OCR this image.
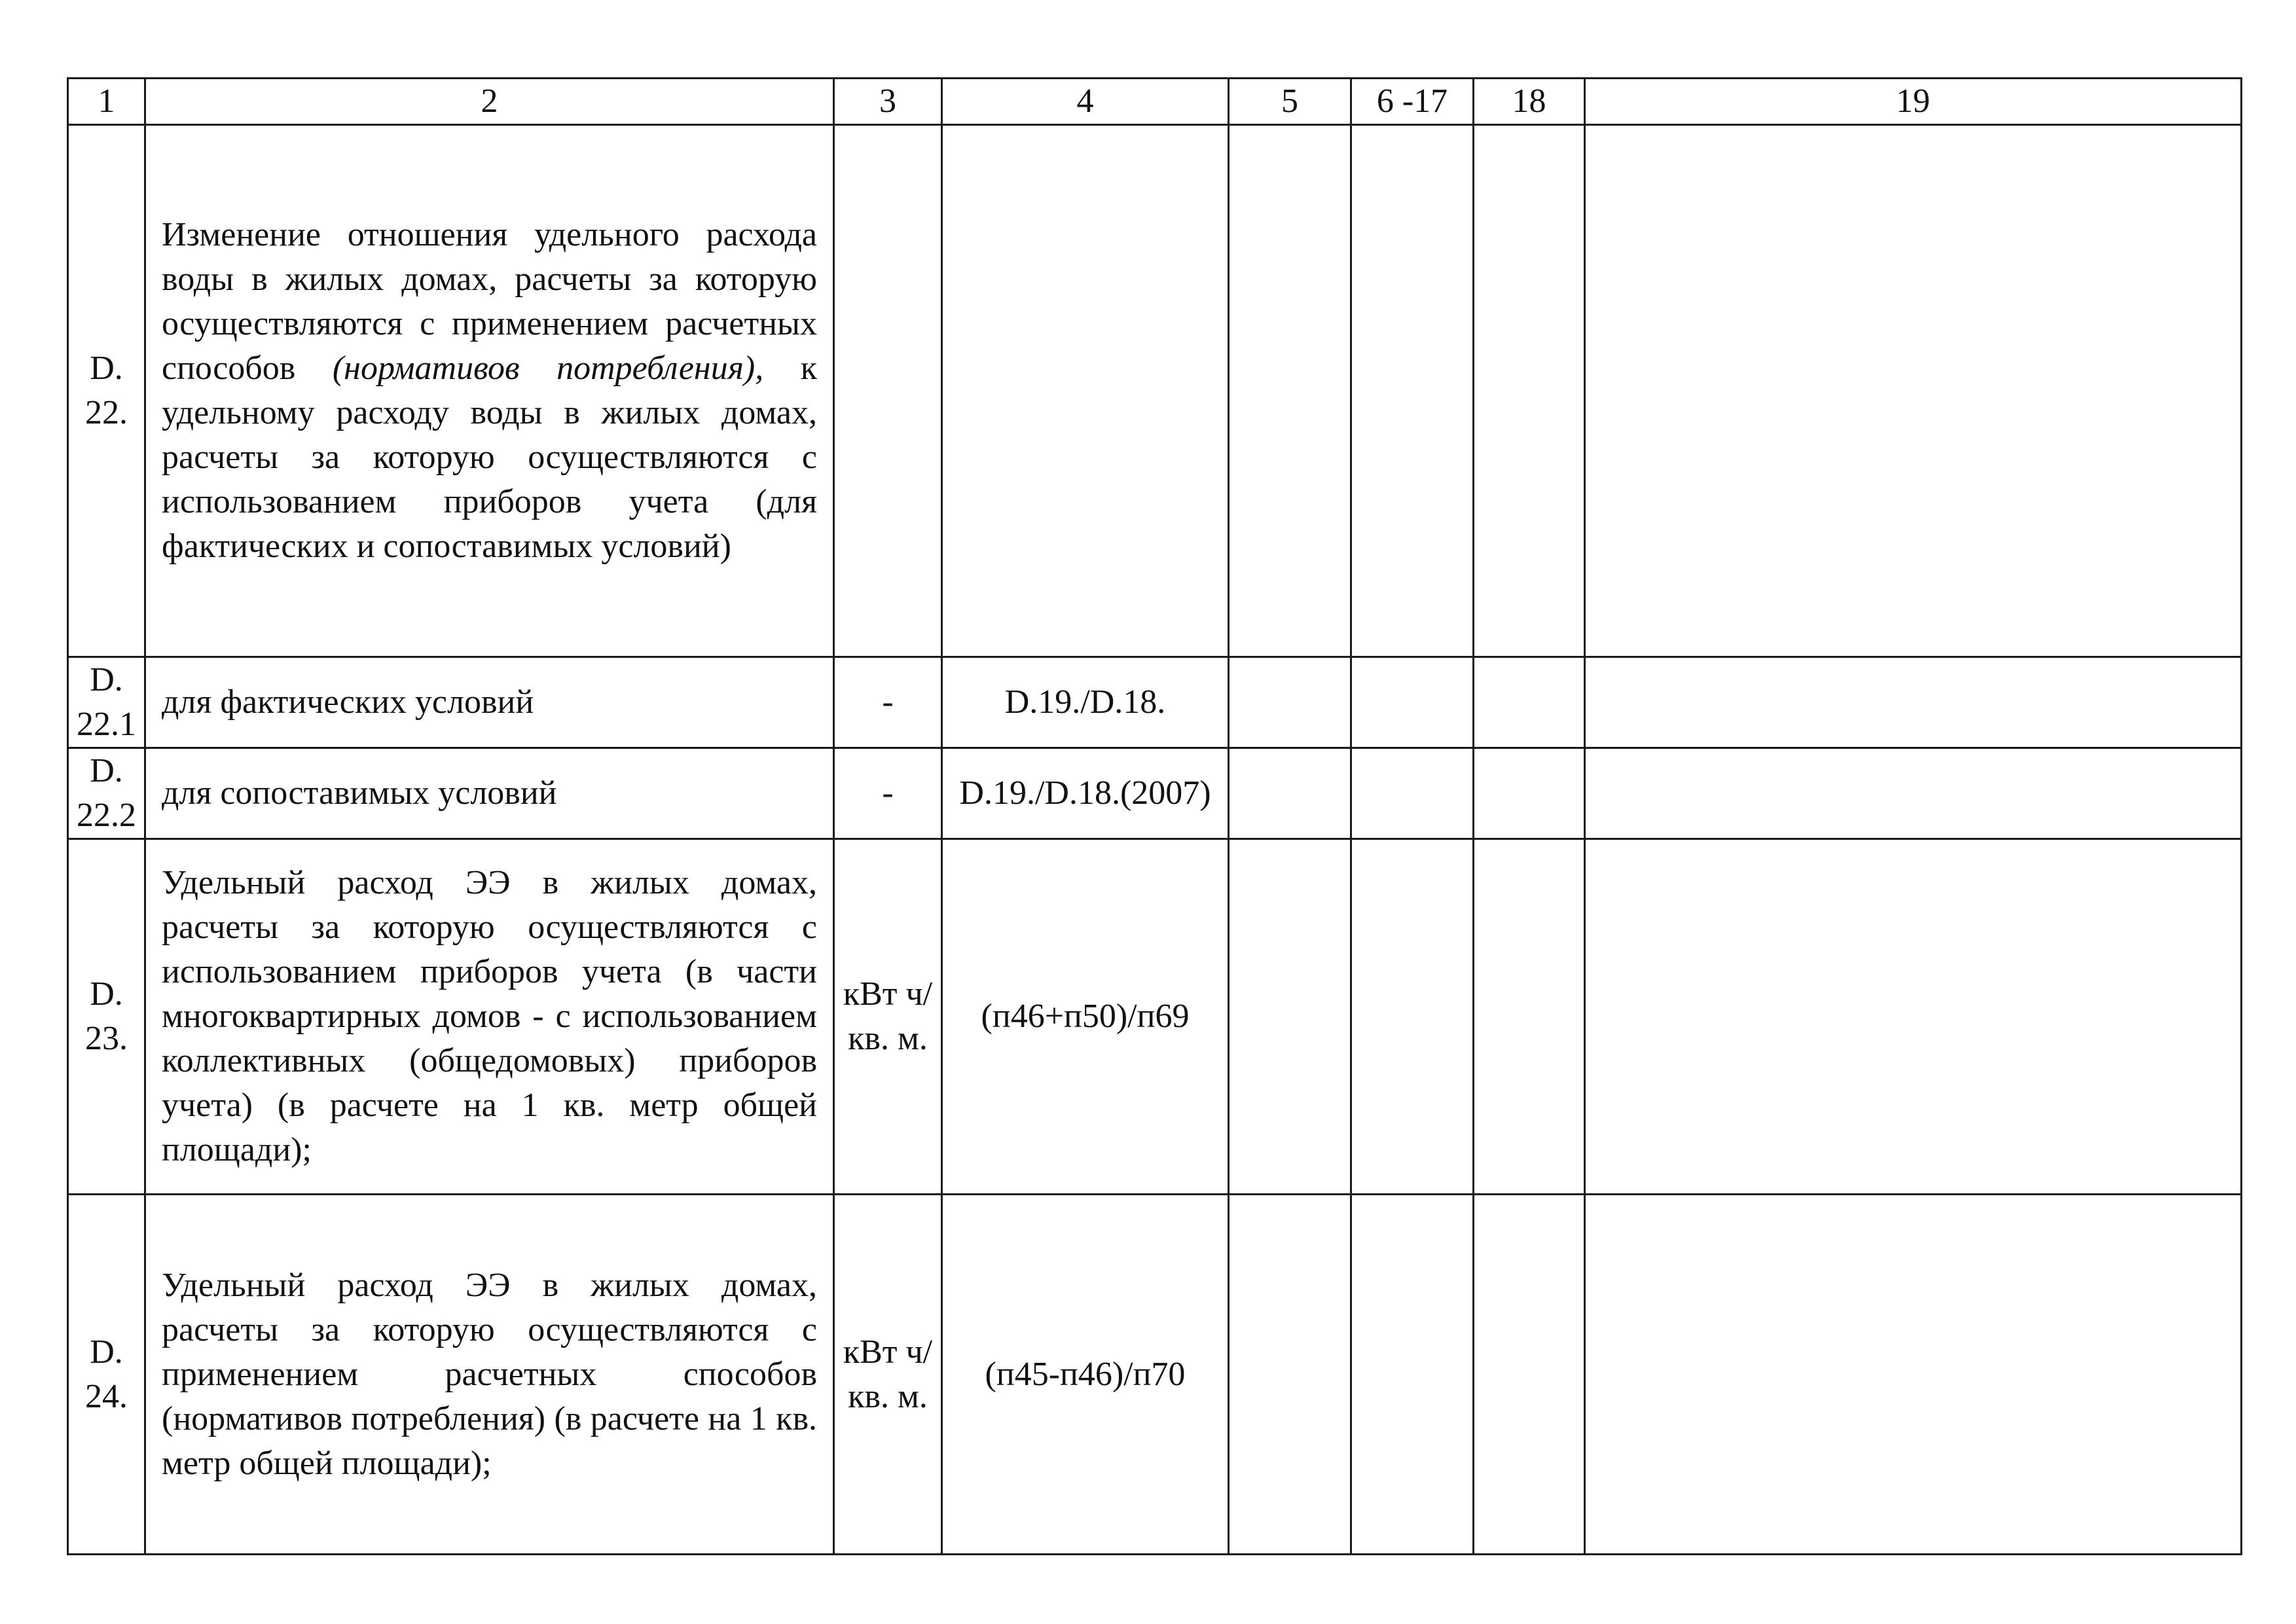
1	2	3	4	5	6 -17	18	19
D. 22.	Изменение отношения удельного расхода воды в жилых домах, расчеты за которую осуществляются с применением расчетных способов (нормативов потребления), к удельному расходу воды в жилых домах, расчеты за которую осуществляются с использованием приборов учета (для фактических и сопоставимых условий)						

D. 22.1	для фактических условий	-	D.19./D.18.				
D. 22.2	для сопоставимых условий	-	D.19./D.18.(2007)				
D. 23.	Удельный расход ЭЭ в жилых домах, расчеты за которую осуществляются с использованием приборов учета (в части многоквартирных домов - с использованием коллективных (общедомовых) приборов учета) (в расчете на 1 кв. метр общей площади);	кВт ч/кв. м.	(п46+п50)/п69				
D. 24.	Удельный расход ЭЭ в жилых домах, расчеты за которую осуществляются с применением расчетных способов (нормативов потребления) (в расчете на 1 кв. метр общей площади);	кВт ч/кв. м.	(п45-п46)/п70				
